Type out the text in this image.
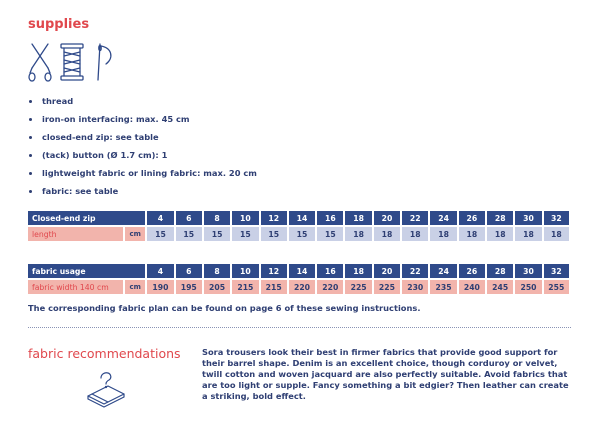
supplies
thread
iron-on interfacing: max. 45 cm
closed-end zip: see table
(tack) button (Ø 1.7 cm): 1
lightweight fabric or lining fabric: max. 20 cm
fabric: see table
Closed-end zip		4	6	8	10	12	14	16	18	20	22	24	26	28	30	32
length	cm	15	15	15	15	15	15	15	18	18	18	18	18	18	18	18
fabric usage		4	6	8	10	12	14	16	18	20	22	24	26	28	30	32
fabric width 140 cm	cm	190	195	205	215	215	220	220	225	225	230	235	240	245	250	255

The corresponding fabric plan can be found on page 6 of these sewing instructions.

fabric recommendations	Sora trousers look their best in firmer fabrics that provide good support for their barrel shape. Denim is an excellent choice, though corduroy or velvet, twill cotton and woven jacquard are also perfectly suitable. Avoid fabrics that are too light or supple. Fancy something a bit edgier? Then leather can create a striking, bold effect.
